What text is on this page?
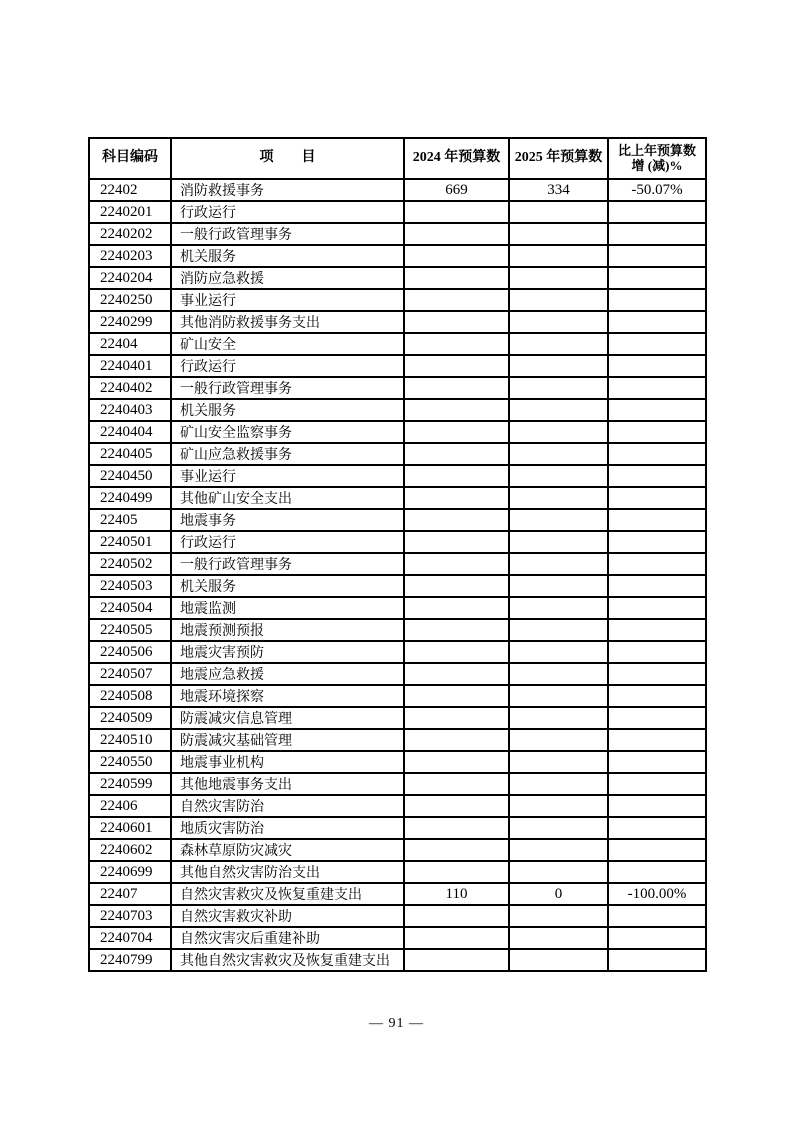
科目编码	项　　目	2024 年预算数	2025 年预算数	比上年预算数
增 (减)%
22402	消防救援事务	669	334	-50.07%
2240201	行政运行			
2240202	一般行政管理事务			
2240203	机关服务			
2240204	消防应急救援			
2240250	事业运行			
2240299	其他消防救援事务支出			
22404	矿山安全			
2240401	行政运行			
2240402	一般行政管理事务			
2240403	机关服务			
2240404	矿山安全监察事务			
2240405	矿山应急救援事务			
2240450	事业运行			
2240499	其他矿山安全支出			
22405	地震事务			
2240501	行政运行			
2240502	一般行政管理事务			
2240503	机关服务			
2240504	地震监测			
2240505	地震预测预报			
2240506	地震灾害预防			
2240507	地震应急救援			
2240508	地震环境探察			
2240509	防震减灾信息管理			
2240510	防震减灾基础管理			
2240550	地震事业机构			
2240599	其他地震事务支出			
22406	自然灾害防治			
2240601	地质灾害防治			
2240602	森林草原防灾减灾			
2240699	其他自然灾害防治支出			
22407	自然灾害救灾及恢复重建支出	110	0	-100.00%
2240703	自然灾害救灾补助			
2240704	自然灾害灾后重建补助			
2240799	其他自然灾害救灾及恢复重建支出			
— 91 —
